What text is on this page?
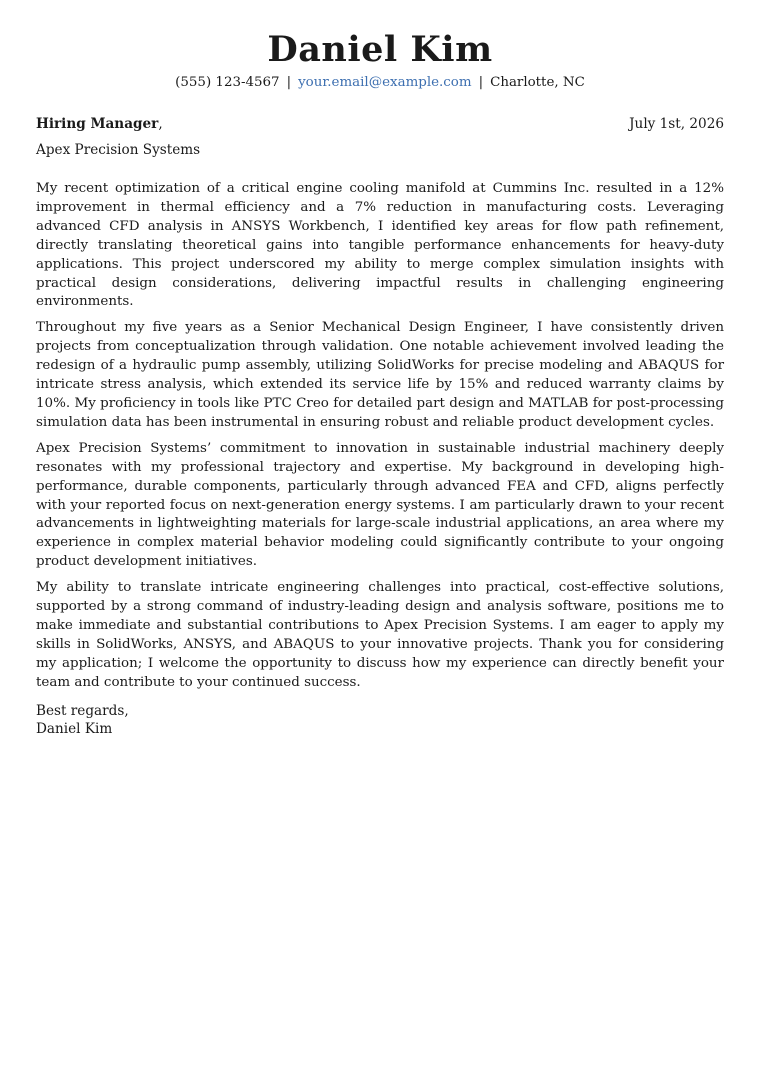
Daniel Kim
(555) 123-4567 | your.email@example.com | Charlotte, NC
Hiring Manager,	July 1st, 2026
Apex Precision Systems

My recent optimization of a critical engine cooling manifold at Cummins Inc. resulted in a 12% improvement in thermal efficiency and a 7% reduction in manufacturing costs. Leveraging advanced CFD analysis in ANSYS Workbench, I identified key areas for flow path refinement, directly translating theoretical gains into tangible performance enhancements for heavy-duty applications. This project underscored my ability to merge complex simulation insights with practical design considerations, delivering impactful results in challenging engineering environments.

Throughout my five years as a Senior Mechanical Design Engineer, I have consistently driven projects from conceptualization through validation. One notable achievement involved leading the redesign of a hydraulic pump assembly, utilizing SolidWorks for precise modeling and ABAQUS for intricate stress analysis, which extended its service life by 15% and reduced warranty claims by 10%. My proficiency in tools like PTC Creo for detailed part design and MATLAB for post-processing simulation data has been instrumental in ensuring robust and reliable product development cycles.

Apex Precision Systems’ commitment to innovation in sustainable industrial machinery deeply resonates with my professional trajectory and expertise. My background in developing high-performance, durable components, particularly through advanced FEA and CFD, aligns perfectly with your reported focus on next-generation energy systems. I am particularly drawn to your recent advancements in lightweighting materials for large-scale industrial applications, an area where my experience in complex material behavior modeling could significantly contribute to your ongoing product development initiatives.

My ability to translate intricate engineering challenges into practical, cost-effective solutions, supported by a strong command of industry-leading design and analysis software, positions me to make immediate and substantial contributions to Apex Precision Systems. I am eager to apply my skills in SolidWorks, ANSYS, and ABAQUS to your innovative projects. Thank you for considering my application; I welcome the opportunity to discuss how my experience can directly benefit your team and contribute to your continued success.

Best regards,
Daniel Kim
